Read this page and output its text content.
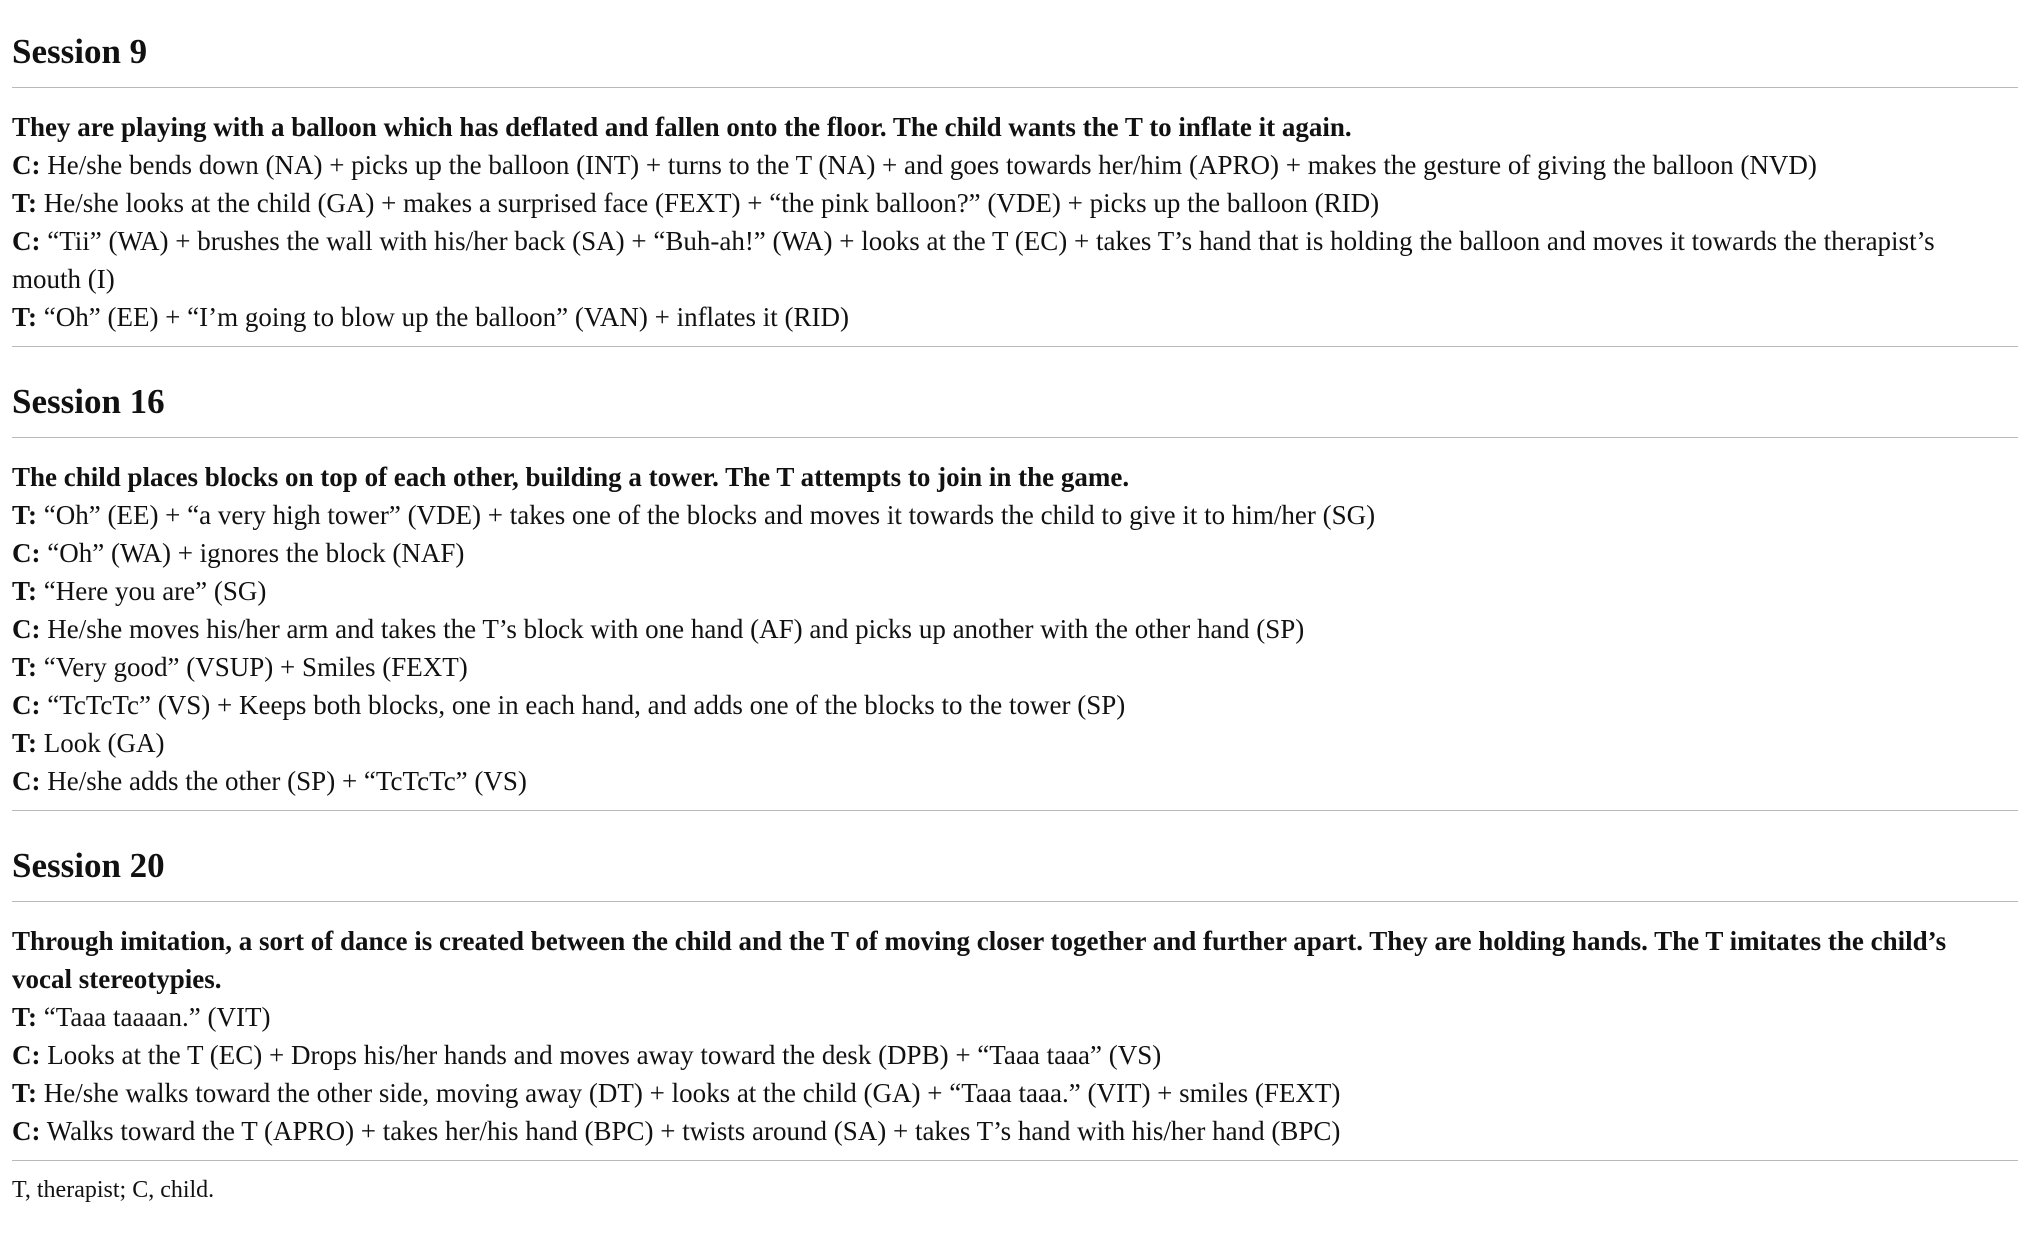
Session 9

They are playing with a balloon which has deflated and fallen onto the floor. The child wants the T to inflate it again.

C: He/she bends down (NA) + picks up the balloon (INT) + turns to the T (NA) + and goes towards her/him (APRO) + makes the gesture of giving the balloon (NVD)

T: He/she looks at the child (GA) + makes a surprised face (FEXT) + “the pink balloon?” (VDE) + picks up the balloon (RID)

C: “Tii” (WA) + brushes the wall with his/her back (SA) + “Buh-ah!” (WA) + looks at the T (EC) + takes T’s hand that is holding the balloon and moves it towards the therapist’s mouth (I)

T: “Oh” (EE) + “I’m going to blow up the balloon” (VAN) + inflates it (RID)

Session 16

The child places blocks on top of each other, building a tower. The T attempts to join in the game.

T: “Oh” (EE) + “a very high tower” (VDE) + takes one of the blocks and moves it towards the child to give it to him/her (SG)

C: “Oh” (WA) + ignores the block (NAF)

T: “Here you are” (SG)

C: He/she moves his/her arm and takes the T’s block with one hand (AF) and picks up another with the other hand (SP)

T: “Very good” (VSUP) + Smiles (FEXT)

C: “TcTcTc” (VS) + Keeps both blocks, one in each hand, and adds one of the blocks to the tower (SP)

T: Look (GA)

C: He/she adds the other (SP) + “TcTcTc” (VS)

Session 20

Through imitation, a sort of dance is created between the child and the T of moving closer together and further apart. They are holding hands. The T imitates the child’s vocal stereotypies.

T: “Taaa taaaan.” (VIT)

C: Looks at the T (EC) + Drops his/her hands and moves away toward the desk (DPB) + “Taaa taaa” (VS)

T: He/she walks toward the other side, moving away (DT) + looks at the child (GA) + “Taaa taaa.” (VIT) + smiles (FEXT)

C: Walks toward the T (APRO) + takes her/his hand (BPC) + twists around (SA) + takes T’s hand with his/her hand (BPC)

T, therapist; C, child.
